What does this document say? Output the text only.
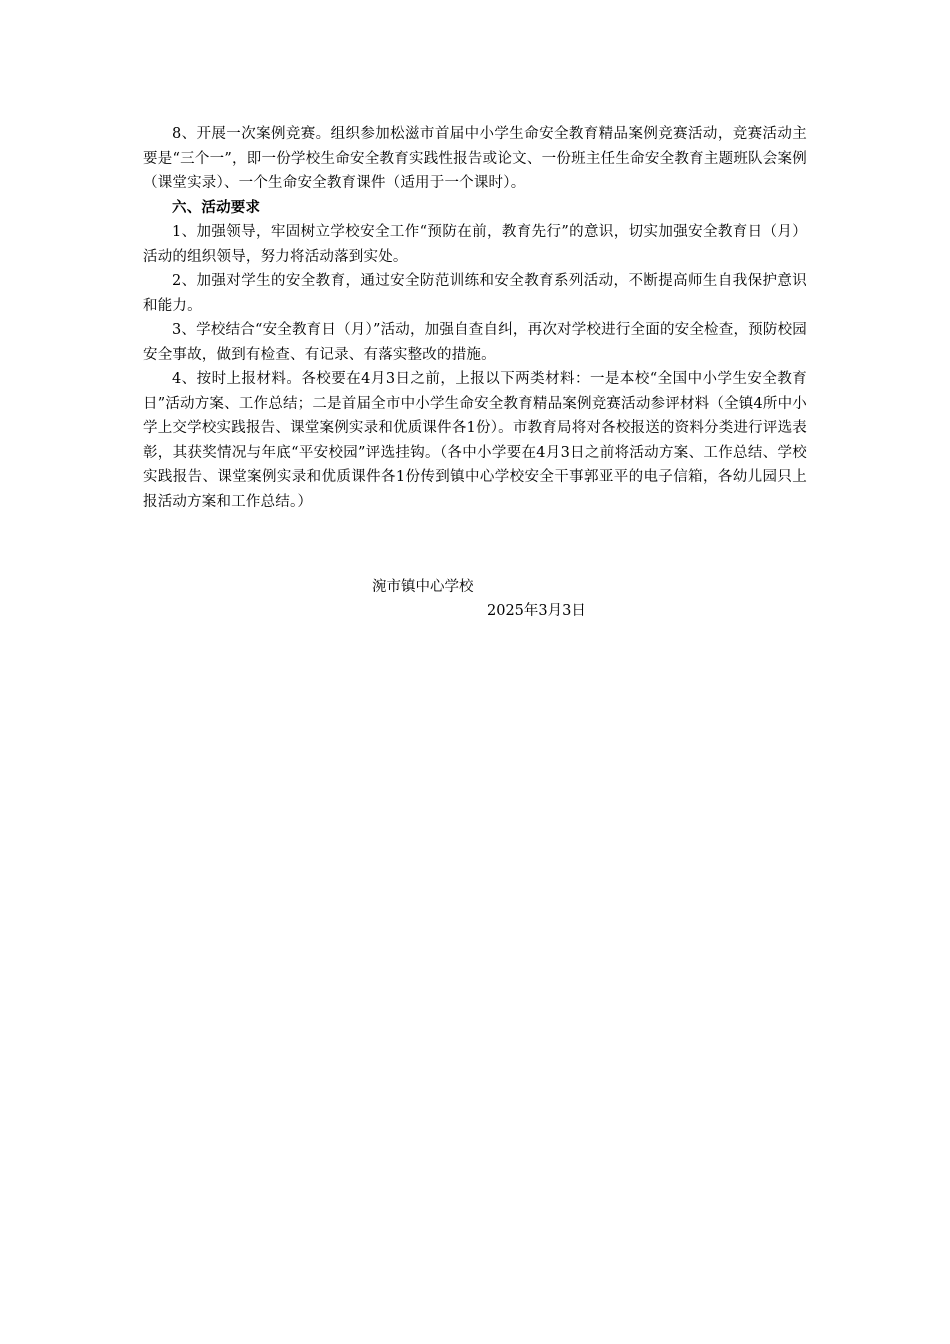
8、开展一次案例竞赛。组织参加松滋市首届中小学生命安全教育精品案例竞赛活动，竞赛活动主要是“三个一”，即一份学校生命安全教育实践性报告或论文、一份班主任生命安全教育主题班队会案例（课堂实录）、一个生命安全教育课件（适用于一个课时）。

六、活动要求

1、加强领导，牢固树立学校安全工作“预防在前，教育先行”的意识，切实加强安全教育日（月）活动的组织领导，努力将活动落到实处。

2、加强对学生的安全教育，通过安全防范训练和安全教育系列活动，不断提高师生自我保护意识和能力。

3、学校结合“安全教育日（月）”活动，加强自查自纠，再次对学校进行全面的安全检查，预防校园安全事故，做到有检查、有记录、有落实整改的措施。

4、按时上报材料。各校要在4月3日之前，上报以下两类材料：一是本校“全国中小学生安全教育日”活动方案、工作总结；二是首届全市中小学生命安全教育精品案例竞赛活动参评材料（全镇4所中小学上交学校实践报告、课堂案例实录和优质课件各1份）。市教育局将对各校报送的资料分类进行评选表彰，其获奖情况与年底“平安校园”评选挂钩。（各中小学要在4月3日之前将活动方案、工作总结、学校实践报告、课堂案例实录和优质课件各1份传到镇中心学校安全干事郭亚平的电子信箱，各幼儿园只上报活动方案和工作总结。）

涴市镇中心学校
2025年3月3日
